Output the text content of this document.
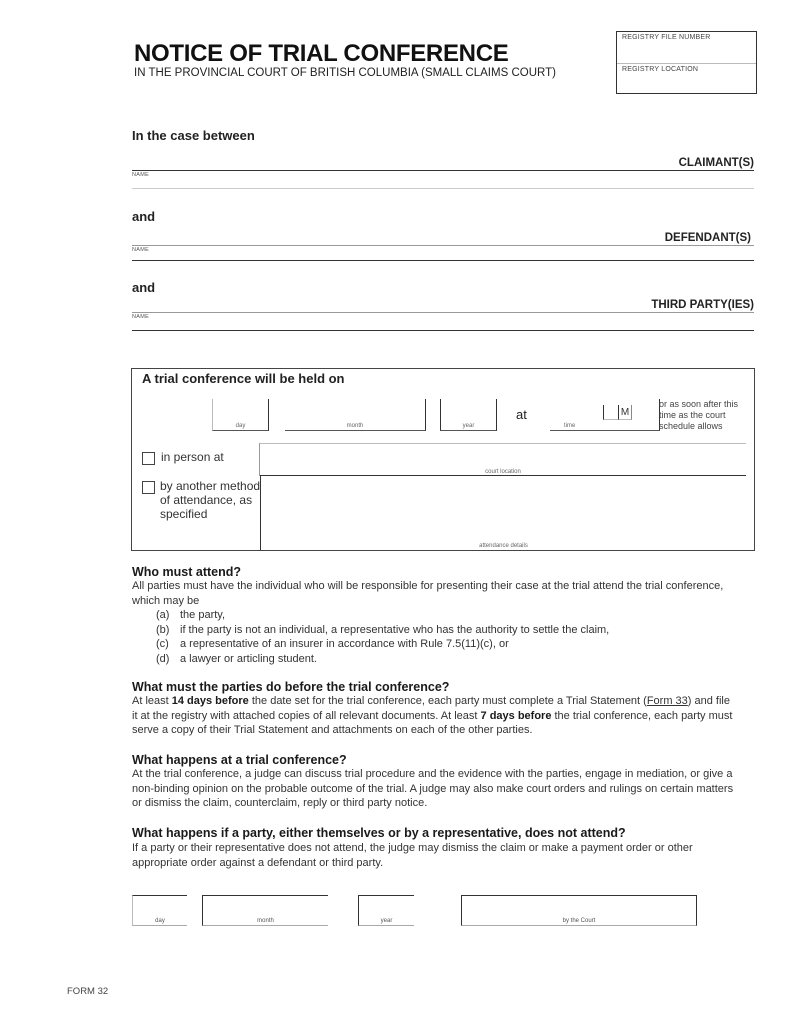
REGISTRY FILE NUMBER
REGISTRY LOCATION
NOTICE OF TRIAL CONFERENCE
IN THE PROVINCIAL COURT OF BRITISH COLUMBIA (SMALL CLAIMS COURT)
In the case between
CLAIMANT(S)
NAME
and
DEFENDANT(S)
NAME
and
THIRD PARTY(IES)
NAME
A trial conference will be held on
day	month	year
at
time
M
or as soon after this
time as the court
schedule allows
in person at
court location
by another method
of attendance, as
specified
attendance details
Who must attend?
All parties must have the individual who will be responsible for presenting their case at the trial attend the trial conference, which may be
(a) the party,
(b) if the party is not an individual, a representative who has the authority to settle the claim,
(c) a representative of an insurer in accordance with Rule 7.5(11)(c), or
(d) a lawyer or articling student.
What must the parties do before the trial conference?
At least 14 days before the date set for the trial conference, each party must complete a Trial Statement (Form 33) and file it at the registry with attached copies of all relevant documents. At least 7 days before the trial conference, each party must serve a copy of their Trial Statement and attachments on each of the other parties.
What happens at a trial conference?
At the trial conference, a judge can discuss trial procedure and the evidence with the parties, engage in mediation, or give a non-binding opinion on the probable outcome of the trial. A judge may also make court orders and rulings on certain matters or dismiss the claim, counterclaim, reply or third party notice.
What happens if a party, either themselves or by a representative, does not attend?
If a party or their representative does not attend, the judge may dismiss the claim or make a payment order or other appropriate order against a defendant or third party.
day	month	year	by the Court
FORM 32
